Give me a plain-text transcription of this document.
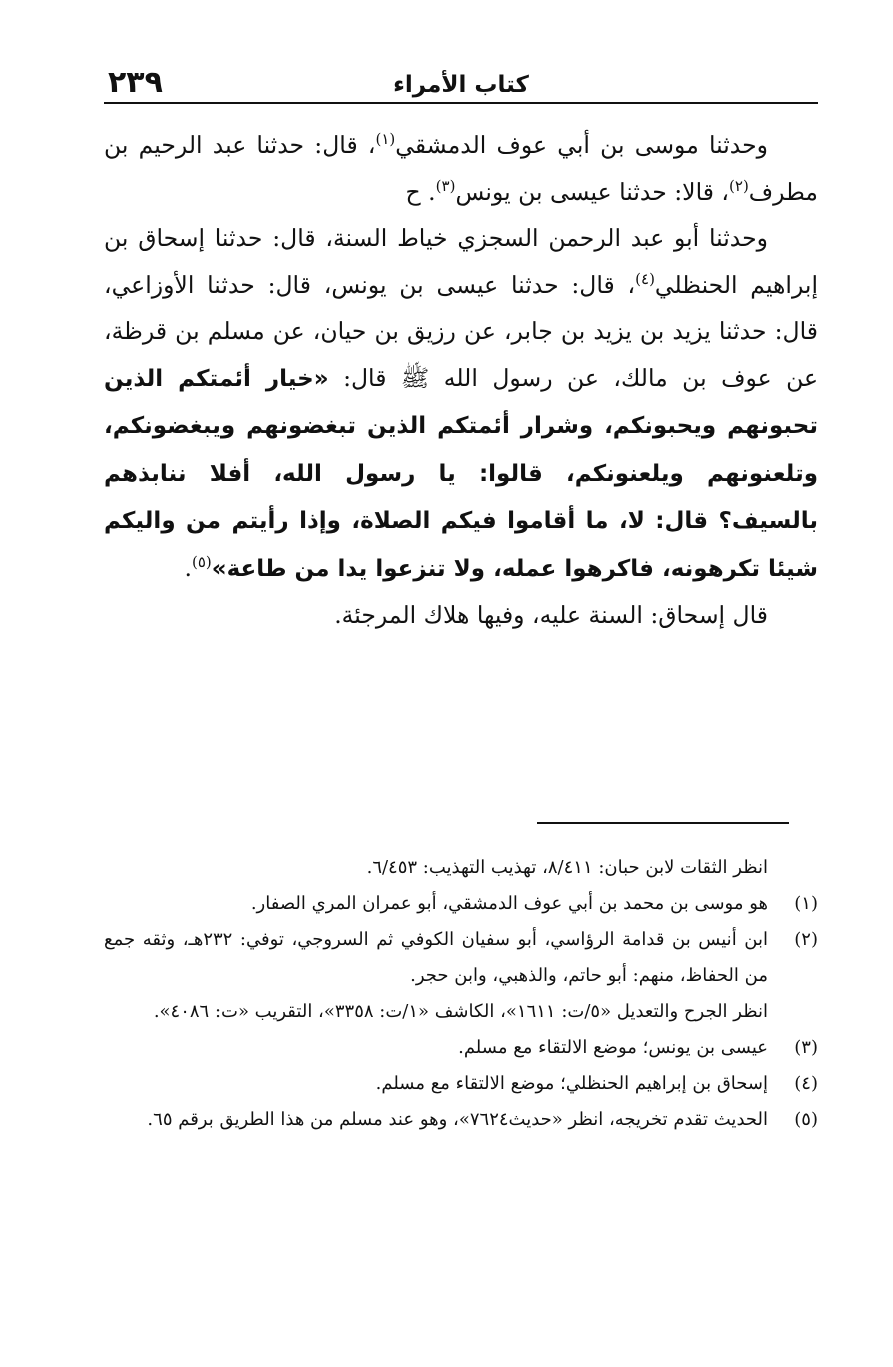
٢٣٩	كتاب الأمراء

وحدثنا موسى بن أبي عوف الدمشقي$^{(١)}$، قال: حدثنا عبد الرحيم بن مطرف$^{(٢)}$، قالا: حدثنا عيسى بن يونس$^{(٣)}$. ح

وحدثنا أبو عبد الرحمن السجزي خياط السنة، قال: حدثنا إسحاق بن إبراهيم الحنظلي$^{(٤)}$، قال: حدثنا عيسى بن يونس، قال: حدثنا الأوزاعي، قال: حدثنا يزيد بن يزيد بن جابر، عن رزيق بن حيان، عن مسلم بن قرظة، عن عوف بن مالك، عن رسول الله ﷺ قال: «خيار أئمتكم الذين تحبونهم ويحبونكم، وشرار أئمتكم الذين تبغضونهم ويبغضونكم، وتلعنونهم ويلعنونكم، قالوا: يا رسول الله، أفلا ننابذهم بالسيف؟ قال: لا، ما أقاموا فيكم الصلاة، وإذا رأيتم من واليكم شيئا تكرهونه، فاكرهوا عمله، ولا تنزعوا يدا من طاعة»$^{(٥)}$.

قال إسحاق: السنة عليه، وفيها هلاك المرجئة.

انظر الثقات لابن حبان: ٨/٤١١، تهذيب التهذيب: ٦/٤٥٣.
(١)
هو موسى بن محمد بن أبي عوف الدمشقي، أبو عمران المري الصفار.
(٢)
ابن أنيس بن قدامة الرؤاسي، أبو سفيان الكوفي ثم السروجي، توفي: ٢٣٢هـ، وثقه جمع من الحفاظ، منهم: أبو حاتم، والذهبي، وابن حجر.
انظر الجرح والتعديل «٥/ت: ١٦١١»، الكاشف «١/ت: ٣٣٥٨»، التقريب «ت: ٤٠٨٦».
(٣)
عيسى بن يونس؛ موضع الالتقاء مع مسلم.
(٤)
إسحاق بن إبراهيم الحنظلي؛ موضع الالتقاء مع مسلم.
(٥)
الحديث تقدم تخريجه، انظر «حديث٧٦٢٤»، وهو عند مسلم من هذا الطريق برقم ٦٥.
